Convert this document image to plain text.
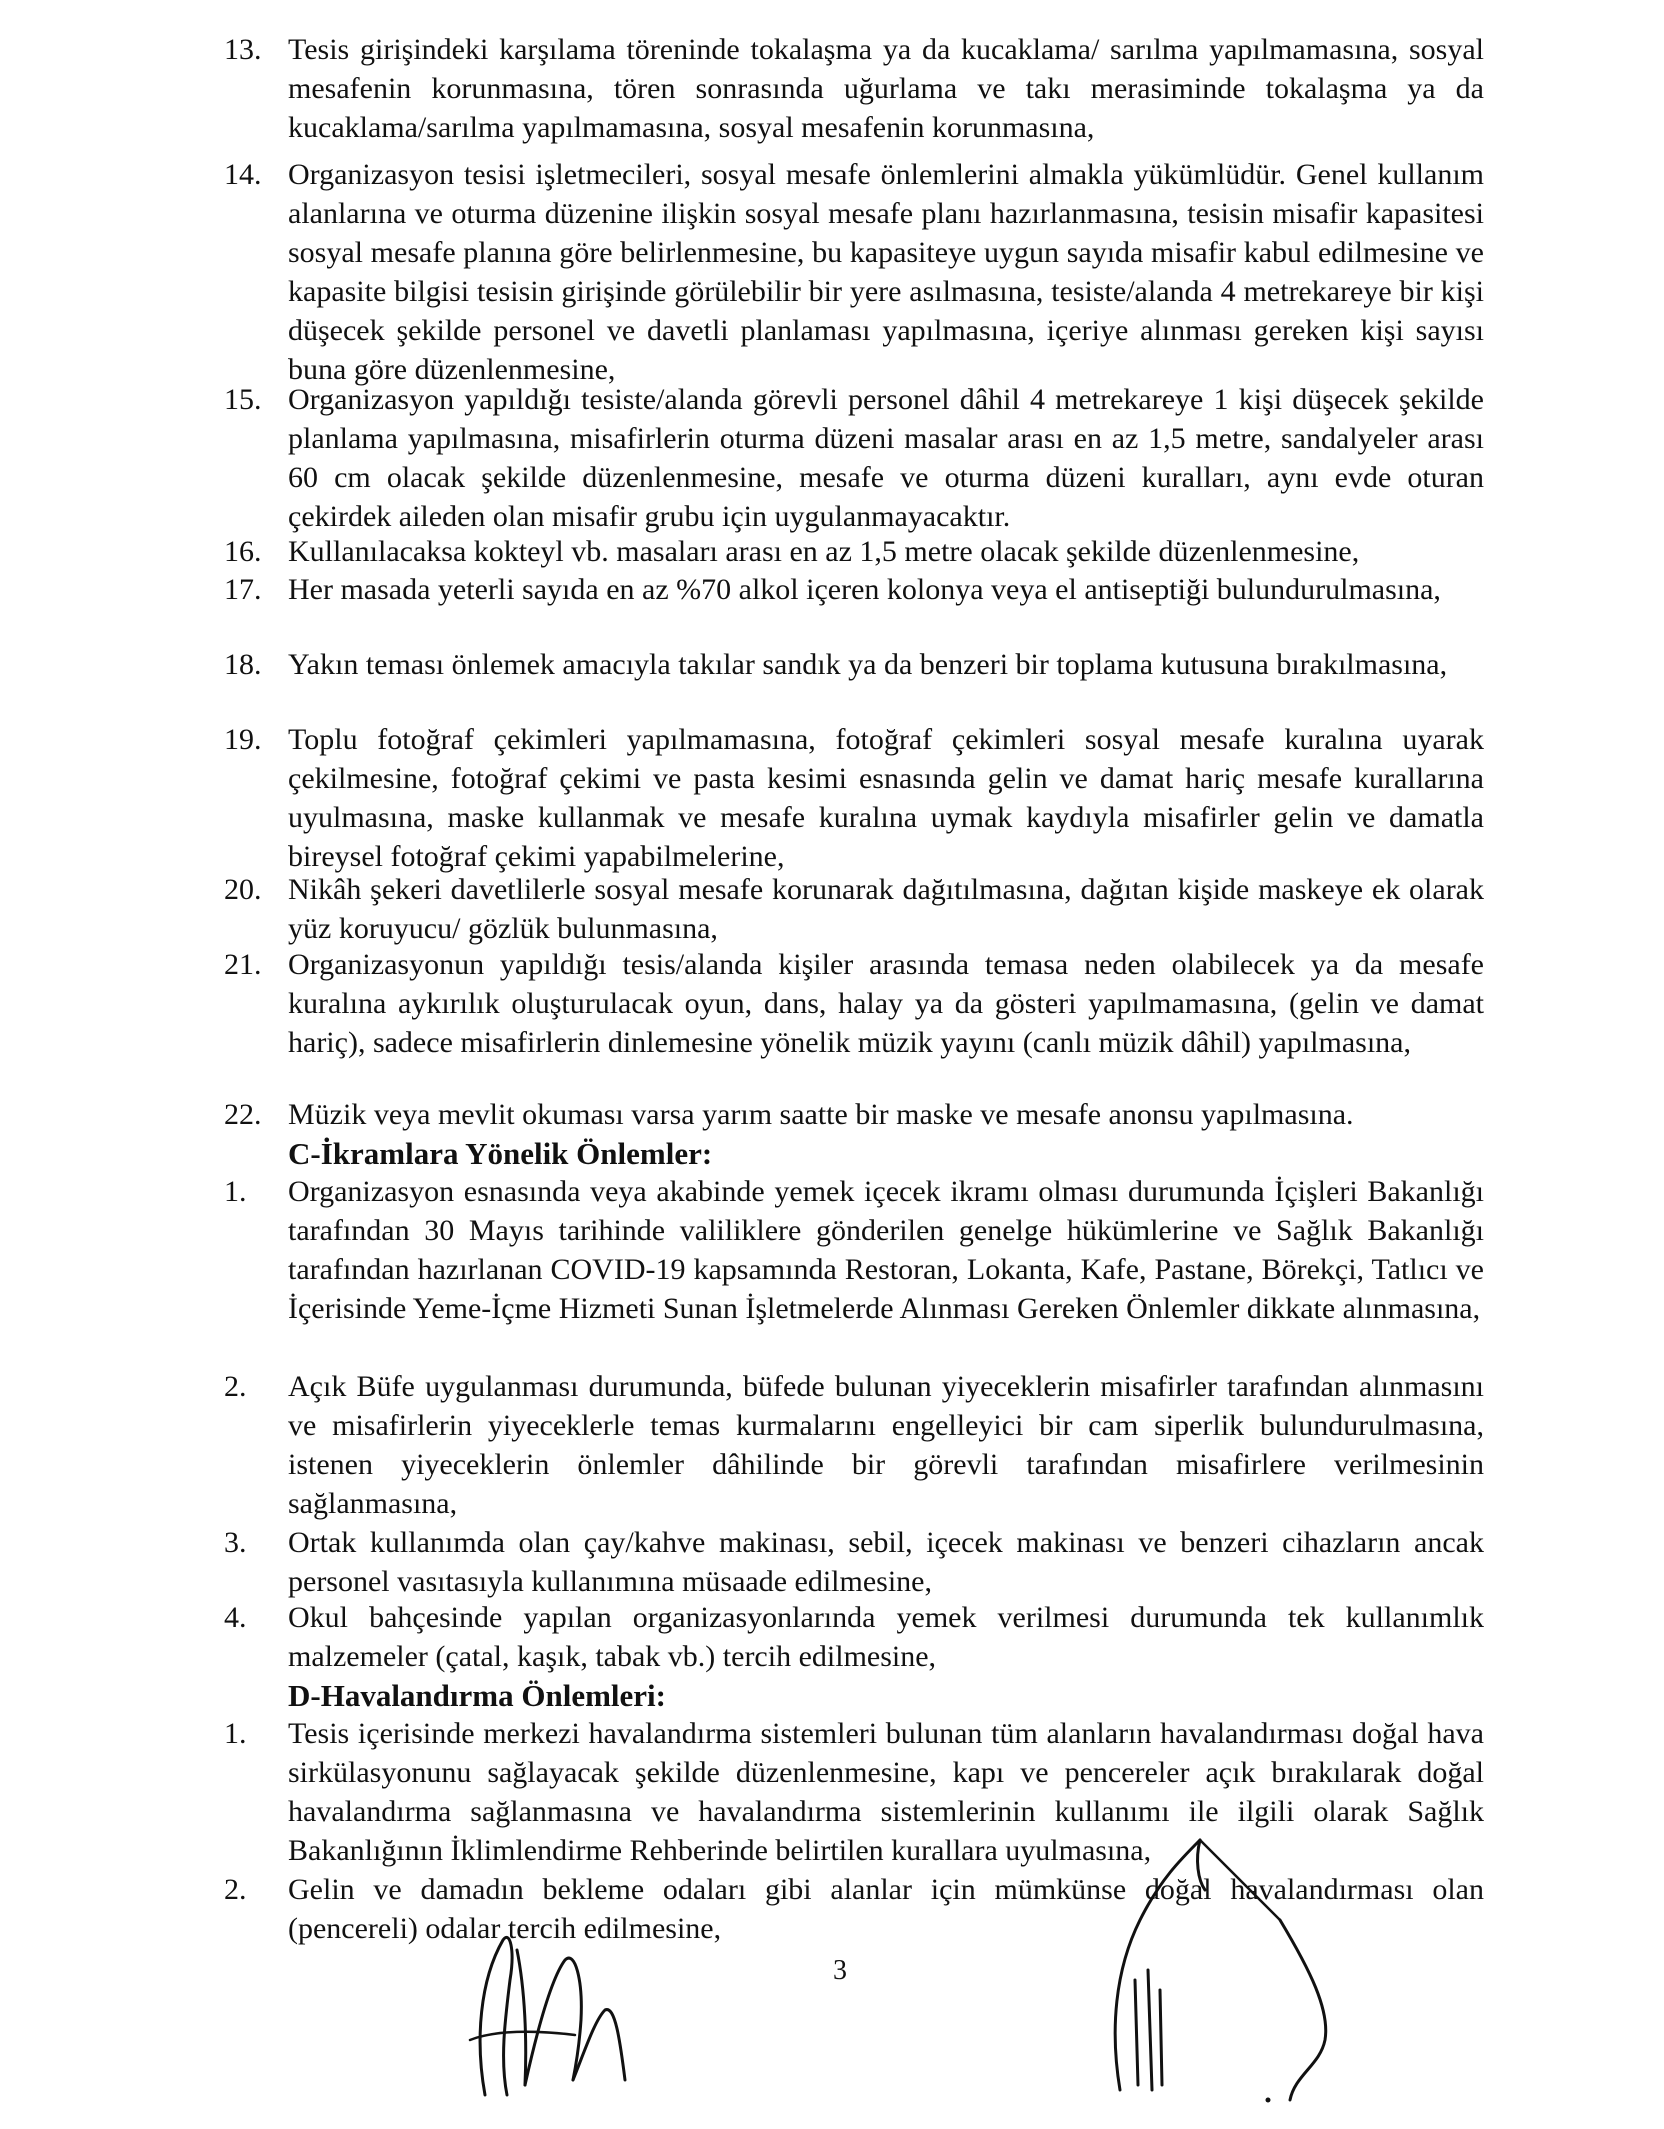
13. Tesis girişindeki karşılama töreninde tokalaşma ya da kucaklama/ sarılma yapılmamasına, sosyal mesafenin korunmasına, tören sonrasında uğurlama ve takı merasiminde tokalaşma ya da kucaklama/sarılma yapılmamasına, sosyal mesafenin korunmasına,
14. Organizasyon tesisi işletmecileri, sosyal mesafe önlemlerini almakla yükümlüdür. Genel kullanım alanlarına ve oturma düzenine ilişkin sosyal mesafe planı hazırlanmasına, tesisin misafir kapasitesi sosyal mesafe planına göre belirlenmesine, bu kapasiteye uygun sayıda misafir kabul edilmesine ve kapasite bilgisi tesisin girişinde görülebilir bir yere asılmasına, tesiste/alanda 4 metrekareye bir kişi düşecek şekilde personel ve davetli planlaması yapılmasına, içeriye alınması gereken kişi sayısı buna göre düzenlenmesine,
15. Organizasyon yapıldığı tesiste/alanda görevli personel dâhil 4 metrekareye 1 kişi düşecek şekilde planlama yapılmasına, misafirlerin oturma düzeni masalar arası en az 1,5 metre, sandalyeler arası 60 cm olacak şekilde düzenlenmesine, mesafe ve oturma düzeni kuralları, aynı evde oturan çekirdek aileden olan misafir grubu için uygulanmayacaktır.
16. Kullanılacaksa kokteyl vb. masaları arası en az 1,5 metre olacak şekilde düzenlenmesine,
17. Her masada yeterli sayıda en az %70 alkol içeren kolonya veya el antiseptiği bulundurulmasına,
18. Yakın teması önlemek amacıyla takılar sandık ya da benzeri bir toplama kutusuna bırakılmasına,
19. Toplu fotoğraf çekimleri yapılmamasına, fotoğraf çekimleri sosyal mesafe kuralına uyarak çekilmesine, fotoğraf çekimi ve pasta kesimi esnasında gelin ve damat hariç mesafe kurallarına uyulmasına, maske kullanmak ve mesafe kuralına uymak kaydıyla misafirler gelin ve damatla bireysel fotoğraf çekimi yapabilmelerine,
20. Nikâh şekeri davetlilerle sosyal mesafe korunarak dağıtılmasına, dağıtan kişide maskeye ek olarak yüz koruyucu/ gözlük bulunmasına,
21. Organizasyonun yapıldığı tesis/alanda kişiler arasında temasa neden olabilecek ya da mesafe kuralına aykırılık oluşturulacak oyun, dans, halay ya da gösteri yapılmamasına, (gelin ve damat hariç), sadece misafirlerin dinlemesine yönelik müzik yayını (canlı müzik dâhil) yapılmasına,
22. Müzik veya mevlit okuması varsa yarım saatte bir maske ve mesafe anonsu yapılmasına.
C-İkramlara Yönelik Önlemler:
1.	Organizasyon esnasında veya akabinde yemek içecek ikramı olması durumunda İçişleri Bakanlığı tarafından 30 Mayıs tarihinde valiliklere gönderilen genelge hükümlerine ve Sağlık Bakanlığı tarafından hazırlanan COVID-19 kapsamında Restoran, Lokanta, Kafe, Pastane, Börekçi, Tatlıcı ve İçerisinde Yeme-İçme Hizmeti Sunan İşletmelerde Alınması Gereken Önlemler dikkate alınmasına,
2.	Açık Büfe uygulanması durumunda, büfede bulunan yiyeceklerin misafirler tarafından alınmasını ve misafirlerin yiyeceklerle temas kurmalarını engelleyici bir cam siperlik bulundurulmasına, istenen yiyeceklerin önlemler dâhilinde bir görevli tarafından misafirlere verilmesinin sağlanmasına,
3.	Ortak kullanımda olan çay/kahve makinası, sebil, içecek makinası ve benzeri cihazların ancak personel vasıtasıyla kullanımına müsaade edilmesine,
4.	Okul bahçesinde yapılan organizasyonlarında yemek verilmesi durumunda tek kullanımlık malzemeler (çatal, kaşık, tabak vb.) tercih edilmesine,
D-Havalandırma Önlemleri:
1.	Tesis içerisinde merkezi havalandırma sistemleri bulunan tüm alanların havalandırması doğal hava sirkülasyonunu sağlayacak şekilde düzenlenmesine, kapı ve pencereler açık bırakılarak doğal havalandırma sağlanmasına ve havalandırma sistemlerinin kullanımı ile ilgili olarak Sağlık Bakanlığının İklimlendirme Rehberinde belirtilen kurallara uyulmasına,
2.	Gelin ve damadın bekleme odaları gibi alanlar için mümkünse doğal havalandırması olan (pencereli) odalar tercih edilmesine,
3
